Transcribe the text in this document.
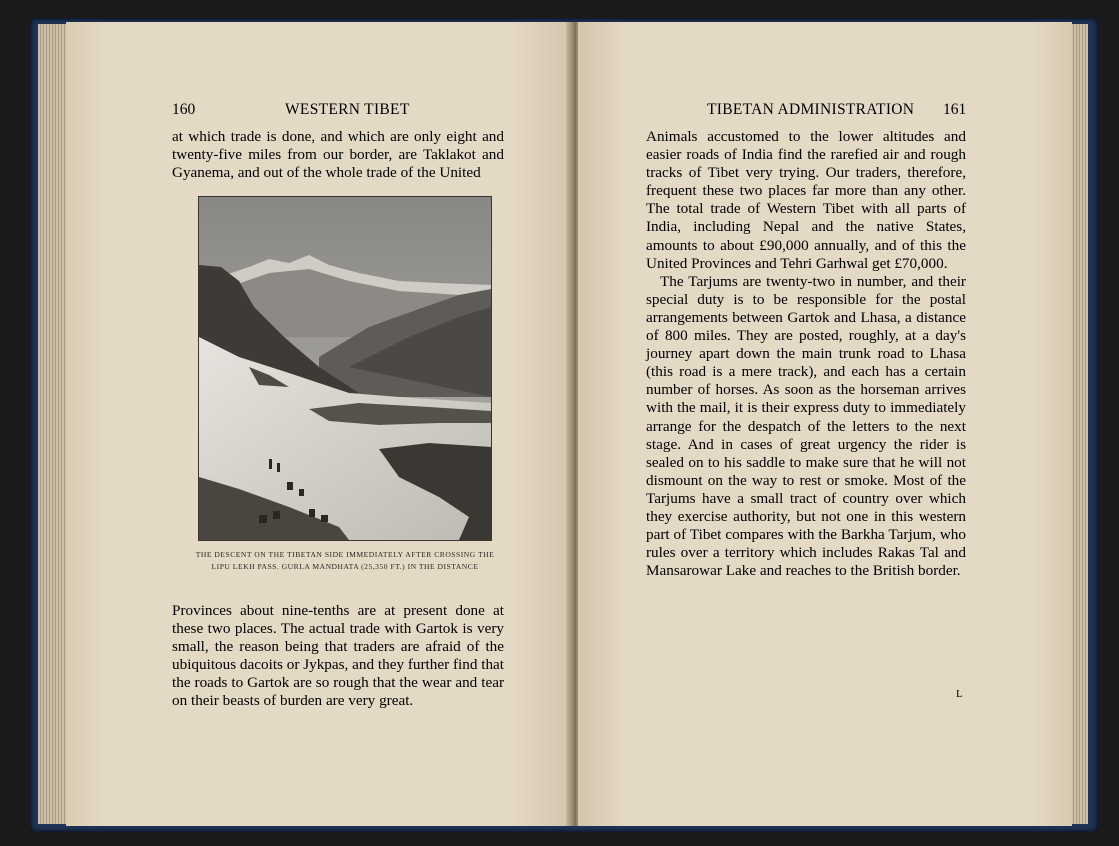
160	WESTERN TIBET

at which trade is done, and which are only eight and twenty-five miles from our border, are Taklakot and Gyanema, and out of the whole trade of the United

THE DESCENT ON THE TIBETAN SIDE IMMEDIATELY AFTER CROSSING THE
LIPU LEKH PASS. GURLA MANDHATA (25,350 FT.) IN THE DISTANCE

Provinces about nine-tenths are at present done at these two places. The actual trade with Gartok is very small, the reason being that traders are afraid of the ubiquitous dacoits or Jykpas, and they further find that the roads to Gartok are so rough that the wear and tear on their beasts of burden are very great.

TIBETAN ADMINISTRATION 161

Animals accustomed to the lower altitudes and easier roads of India find the rarefied air and rough tracks of Tibet very trying. Our traders, therefore, frequent these two places far more than any other. The total trade of Western Tibet with all parts of India, including Nepal and the native States, amounts to about £90,000 annually, and of this the United Provinces and Tehri Garhwal get £70,000.

The Tarjums are twenty-two in number, and their special duty is to be responsible for the postal arrangements between Gartok and Lhasa, a distance of 800 miles. They are posted, roughly, at a day's journey apart down the main trunk road to Lhasa (this road is a mere track), and each has a certain number of horses. As soon as the horseman arrives with the mail, it is their express duty to immediately arrange for the despatch of the letters to the next stage. And in cases of great urgency the rider is sealed on to his saddle to make sure that he will not dismount on the way to rest or smoke. Most of the Tarjums have a small tract of country over which they exercise authority, but not one in this western part of Tibet compares with the Barkha Tarjum, who rules over a territory which includes Rakas Tal and Mansarowar Lake and reaches to the British border.

L
